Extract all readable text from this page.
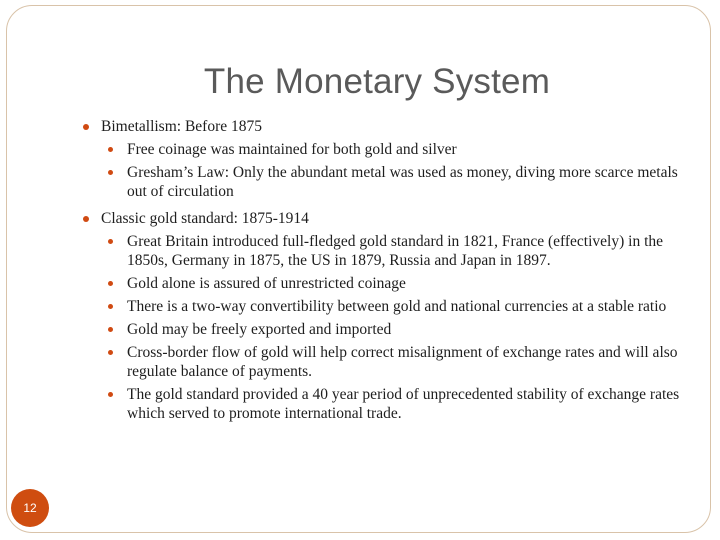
The Monetary System
Bimetallism: Before 1875
Free coinage was maintained for both gold and silver
Gresham’s Law: Only the abundant metal was used as money, diving more scarce metals out of circulation
Classic gold standard: 1875-1914
Great Britain introduced full-fledged gold standard in 1821, France (effectively) in the 1850s, Germany in 1875, the US in 1879, Russia and Japan in 1897.
Gold alone is assured of unrestricted coinage
There is a two-way convertibility between gold and national currencies at a stable ratio
Gold may be freely exported and imported
Cross-border flow of gold will help correct misalignment of exchange rates and will also regulate balance of payments.
The gold standard provided a 40 year period of unprecedented stability of exchange rates which served to promote international trade.
12
